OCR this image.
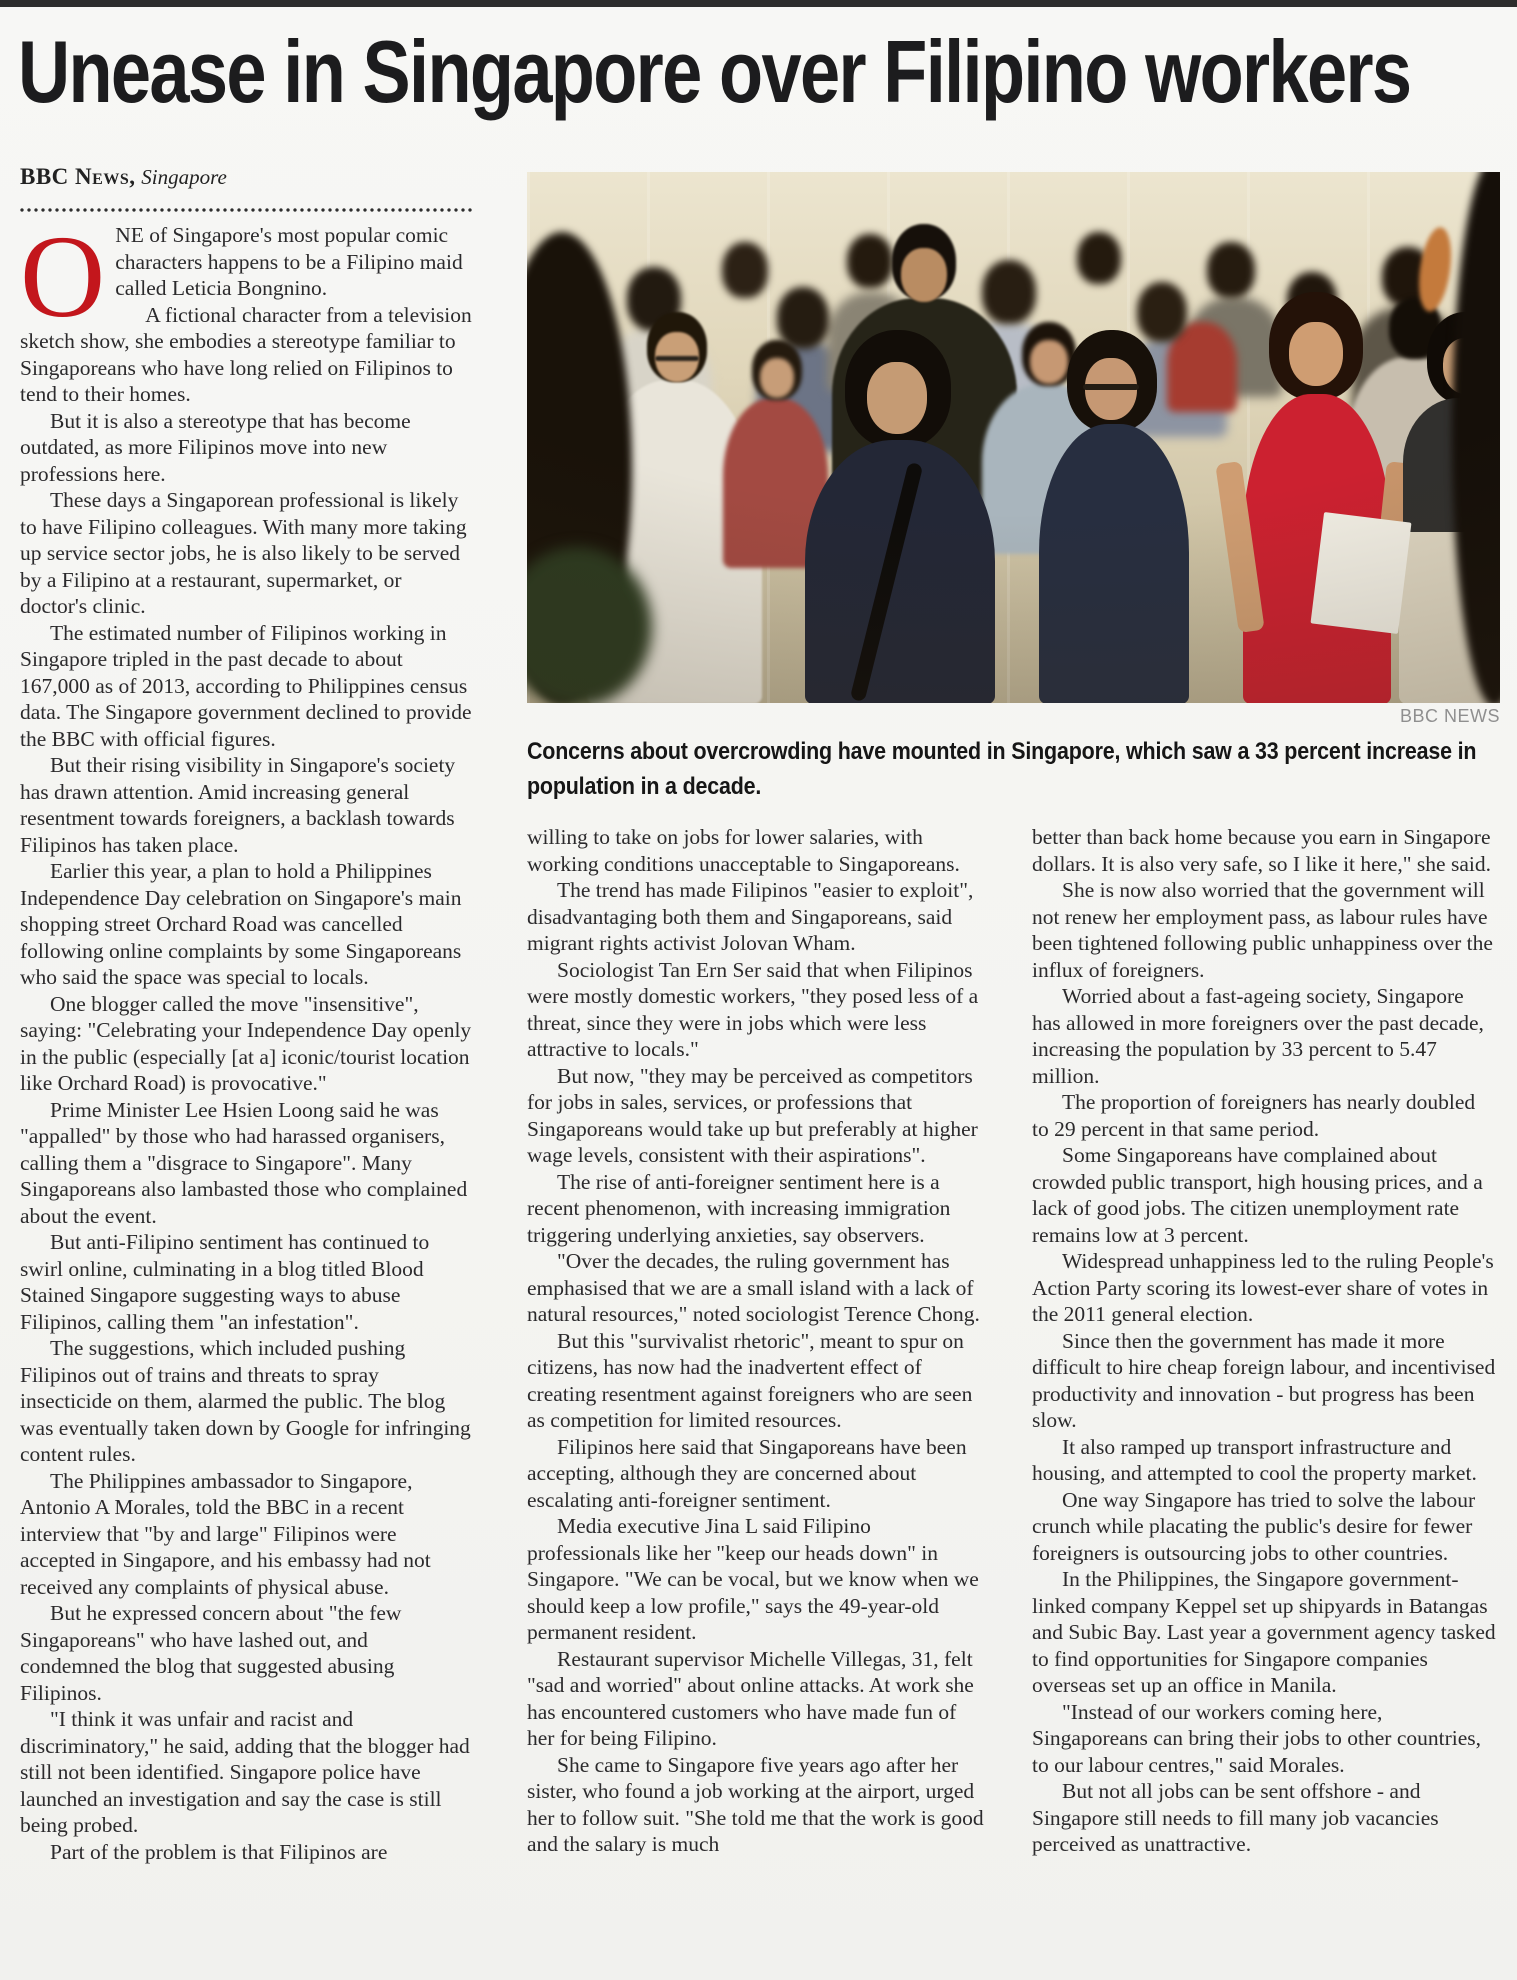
Unease in Singapore over Filipino workers
BBC News, Singapore

ONE of Singapore's most popular comic characters happens to be a Filipino maid called Leticia Bongnino.

A fictional character from a television sketch show, she embodies a stereotype familiar to Singaporeans who have long relied on Filipinos to tend to their homes.

But it is also a stereotype that has become outdated, as more Filipinos move into new professions here.

These days a Singaporean professional is likely to have Filipino colleagues. With many more taking up service sector jobs, he is also likely to be served by a Filipino at a restaurant, supermarket, or doctor's clinic.

The estimated number of Filipinos working in Singapore tripled in the past decade to about 167,000 as of 2013, according to Philippines census data. The Singapore government declined to provide the BBC with official figures.

But their rising visibility in Singapore's society has drawn attention. Amid increasing general resentment towards foreigners, a backlash towards Filipinos has taken place.

Earlier this year, a plan to hold a Philippines Independence Day celebration on Singapore's main shopping street Orchard Road was cancelled following online complaints by some Singaporeans who said the space was special to locals.

One blogger called the move "insensitive", saying: "Celebrating your Independence Day openly in the public (especially [at a] iconic/tourist location like Orchard Road) is provocative."

Prime Minister Lee Hsien Loong said he was "appalled" by those who had harassed organisers, calling them a "disgrace to Singapore". Many Singaporeans also lambasted those who complained about the event.

But anti-Filipino sentiment has continued to swirl online, culminating in a blog titled Blood Stained Singapore suggesting ways to abuse Filipinos, calling them "an infestation".

The suggestions, which included pushing Filipinos out of trains and threats to spray insecticide on them, alarmed the public. The blog was eventually taken down by Google for infringing content rules.

The Philippines ambassador to Singapore, Antonio A Morales, told the BBC in a recent interview that "by and large" Filipinos were accepted in Singapore, and his embassy had not received any complaints of physical abuse.

But he expressed concern about "the few Singaporeans" who have lashed out, and condemned the blog that suggested abusing Filipinos.

"I think it was unfair and racist and discriminatory," he said, adding that the blogger had still not been identified. Singapore police have launched an investigation and say the case is still being probed.

Part of the problem is that Filipinos are

BBC NEWS
Concerns about overcrowding have mounted in Singapore, which saw a 33 percent increase in population in a decade.

willing to take on jobs for lower salaries, with working conditions unacceptable to Singaporeans.

The trend has made Filipinos "easier to exploit", disadvantaging both them and Singaporeans, said migrant rights activist Jolovan Wham.

Sociologist Tan Ern Ser said that when Filipinos were mostly domestic workers, "they posed less of a threat, since they were in jobs which were less attractive to locals."

But now, "they may be perceived as competitors for jobs in sales, services, or professions that Singaporeans would take up but preferably at higher wage levels, consistent with their aspirations".

The rise of anti-foreigner sentiment here is a recent phenomenon, with increasing immigration triggering underlying anxieties, say observers.

"Over the decades, the ruling government has emphasised that we are a small island with a lack of natural resources," noted sociologist Terence Chong.

But this "survivalist rhetoric", meant to spur on citizens, has now had the inadvertent effect of creating resentment against foreigners who are seen as competition for limited resources.

Filipinos here said that Singaporeans have been accepting, although they are concerned about escalating anti-foreigner sentiment.

Media executive Jina L said Filipino professionals like her "keep our heads down" in Singapore. "We can be vocal, but we know when we should keep a low profile," says the 49-year-old permanent resident.

Restaurant supervisor Michelle Villegas, 31, felt "sad and worried" about online attacks. At work she has encountered customers who have made fun of her for being Filipino.

She came to Singapore five years ago after her sister, who found a job working at the airport, urged her to follow suit. "She told me that the work is good and the salary is much

better than back home because you earn in Singapore dollars. It is also very safe, so I like it here," she said.

She is now also worried that the government will not renew her employment pass, as labour rules have been tightened following public unhappiness over the influx of foreigners.

Worried about a fast-ageing society, Singapore has allowed in more foreigners over the past decade, increasing the population by 33 percent to 5.47 million.

The proportion of foreigners has nearly doubled to 29 percent in that same period.

Some Singaporeans have complained about crowded public transport, high housing prices, and a lack of good jobs. The citizen unemployment rate remains low at 3 percent.

Widespread unhappiness led to the ruling People's Action Party scoring its lowest-ever share of votes in the 2011 general election.

Since then the government has made it more difficult to hire cheap foreign labour, and incentivised productivity and innovation - but progress has been slow.

It also ramped up transport infrastructure and housing, and attempted to cool the property market.

One way Singapore has tried to solve the labour crunch while placating the public's desire for fewer foreigners is outsourcing jobs to other countries.

In the Philippines, the Singapore government-linked company Keppel set up shipyards in Batangas and Subic Bay. Last year a government agency tasked to find opportunities for Singapore companies overseas set up an office in Manila.

"Instead of our workers coming here, Singaporeans can bring their jobs to other countries, to our labour centres," said Morales.

But not all jobs can be sent offshore - and Singapore still needs to fill many job vacancies perceived as unattractive.
